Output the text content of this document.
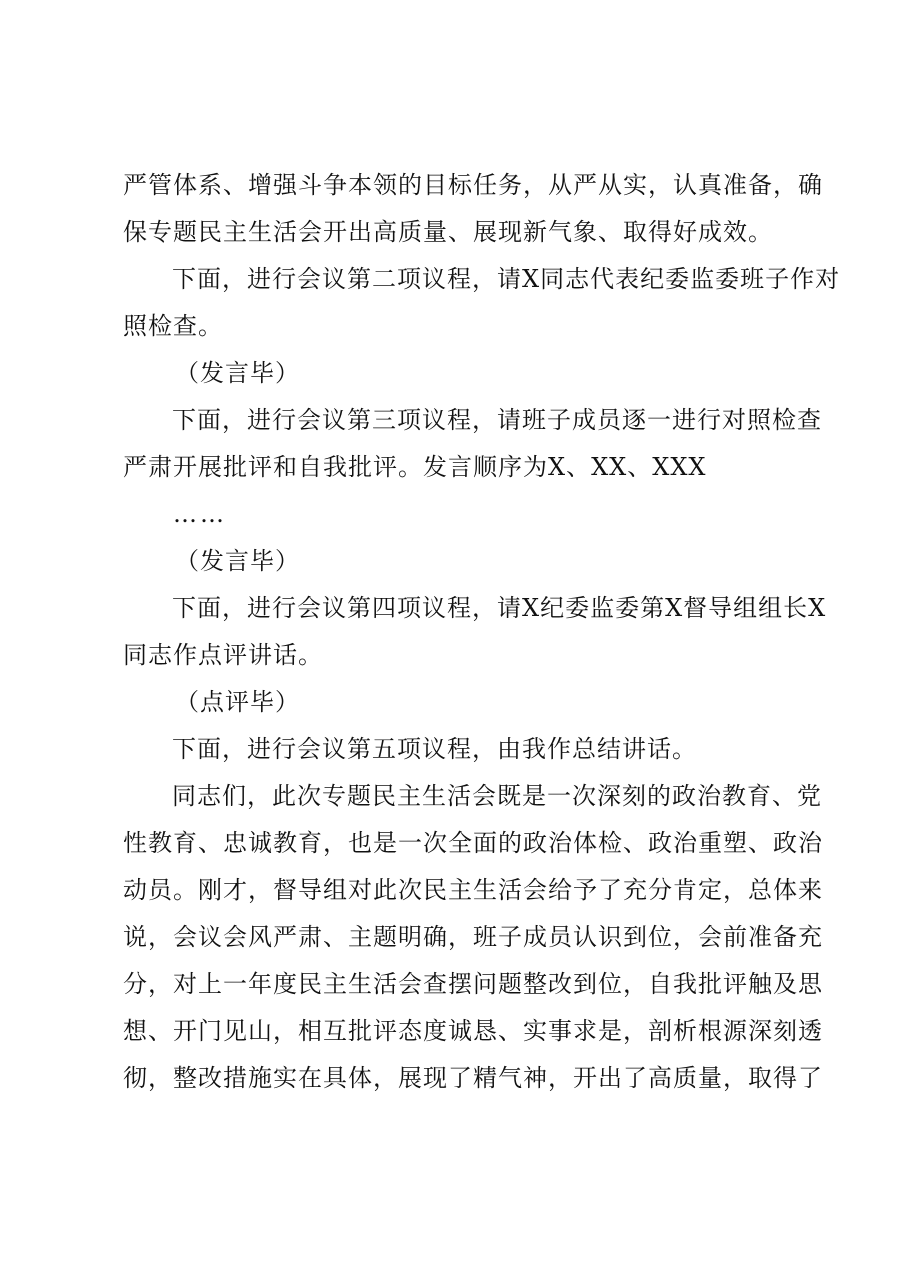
严管体系、增强斗争本领的目标任务，从严从实，认真准备，确
保专题民主生活会开出高质量、展现新气象、取得好成效。
下面，进行会议第二项议程，请X同志代表纪委监委班子作对
照检查。
（发言毕）
下面，进行会议第三项议程，请班子成员逐一进行对照检查
严肃开展批评和自我批评。发言顺序为X、XX、XXX
……
（发言毕）
下面，进行会议第四项议程，请X纪委监委第X督导组组长X
同志作点评讲话。
（点评毕）
下面，进行会议第五项议程，由我作总结讲话。
同志们，此次专题民主生活会既是一次深刻的政治教育、党
性教育、忠诚教育，也是一次全面的政治体检、政治重塑、政治
动员。刚才，督导组对此次民主生活会给予了充分肯定，总体来
说，会议会风严肃、主题明确，班子成员认识到位，会前准备充
分，对上一年度民主生活会查摆问题整改到位，自我批评触及思
想、开门见山，相互批评态度诚恳、实事求是，剖析根源深刻透
彻，整改措施实在具体，展现了精气神，开出了高质量，取得了
